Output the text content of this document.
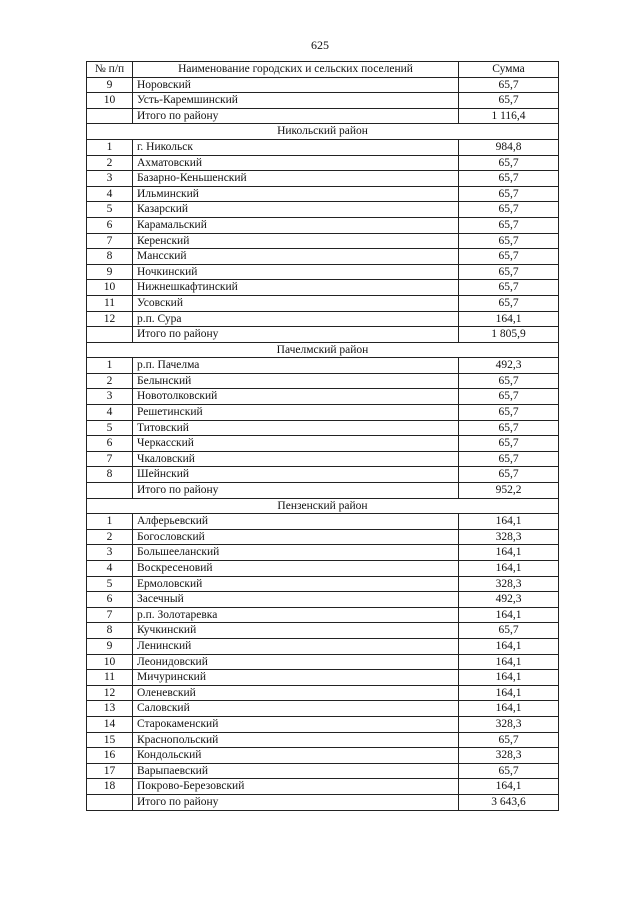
625
№ п/п	Наименование городских и сельских поселений	Сумма
9	Норовский	65,7
10	Усть-Каремшинский	65,7
	Итого по району	1 116,4
Никольский район		
1	г. Никольск	984,8
2	Ахматовский	65,7
3	Базарно-Кеньшенский	65,7
4	Ильминский	65,7
5	Казарский	65,7
6	Карамальский	65,7
7	Керенский	65,7
8	Мансский	65,7
9	Ночкинский	65,7
10	Нижнешкафтинский	65,7
11	Усовский	65,7
12	р.п. Сура	164,1
	Итого по району	1 805,9
Пачелмский район		
1	р.п. Пачелма	492,3
2	Белынский	65,7
3	Новотолковский	65,7
4	Решетинский	65,7
5	Титовский	65,7
6	Черкасский	65,7
7	Чкаловский	65,7
8	Шейнский	65,7
	Итого по району	952,2
Пензенский район		
1	Алферьевский	164,1
2	Богословский	328,3
3	Большееланский	164,1
4	Воскресеновий	164,1
5	Ермоловский	328,3
6	Засечный	492,3
7	р.п. Золотаревка	164,1
8	Кучкинский	65,7
9	Ленинский	164,1
10	Леонидовский	164,1
11	Мичуринский	164,1
12	Оленевский	164,1
13	Саловский	164,1
14	Старокаменский	328,3
15	Краснопольский	65,7
16	Кондольский	328,3
17	Варыпаевский	65,7
18	Покрово-Березовский	164,1
	Итого по району	3 643,6
